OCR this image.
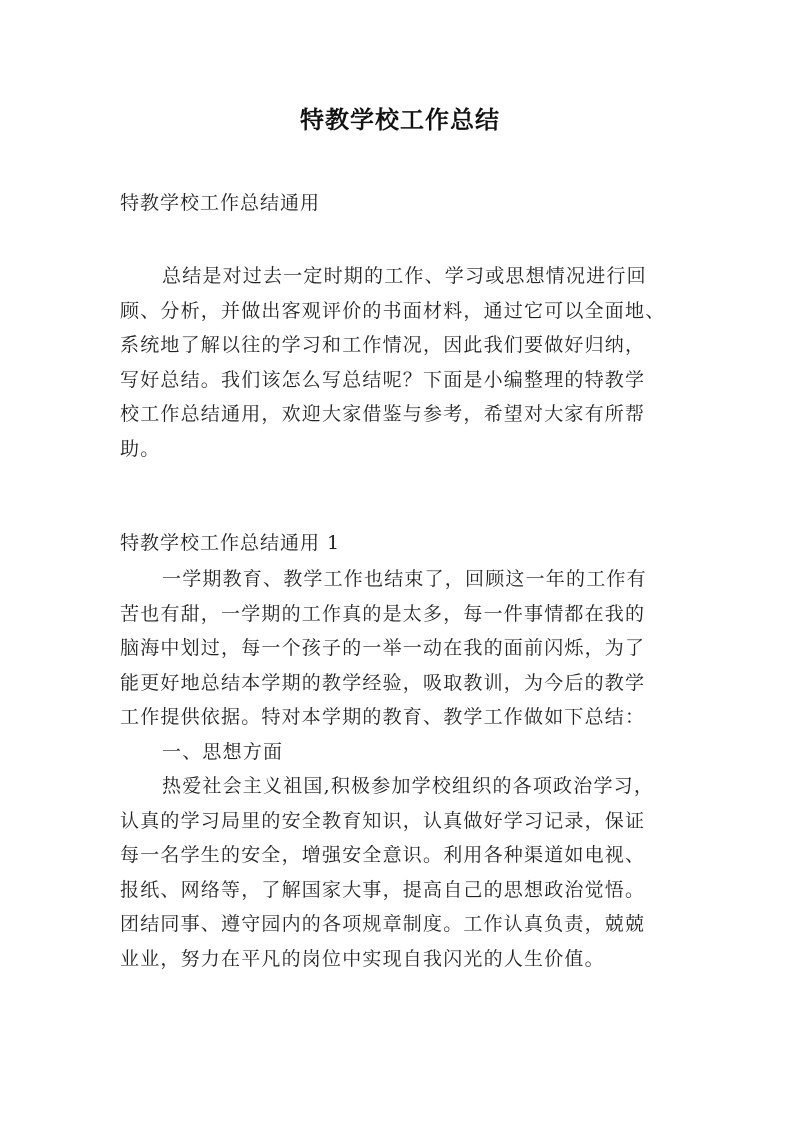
特教学校工作总结
特教学校工作总结通用
总结是对过去一定时期的工作、学习或思想情况进行回
顾、分析，并做出客观评价的书面材料，通过它可以全面地、
系统地了解以往的学习和工作情况，因此我们要做好归纳，
写好总结。我们该怎么写总结呢？下面是小编整理的特教学
校工作总结通用，欢迎大家借鉴与参考，希望对大家有所帮
助。
特教学校工作总结通用 1
一学期教育、教学工作也结束了，回顾这一年的工作有
苦也有甜，一学期的工作真的是太多，每一件事情都在我的
脑海中划过，每一个孩子的一举一动在我的面前闪烁，为了
能更好地总结本学期的教学经验，吸取教训，为今后的教学
工作提供依据。特对本学期的教育、教学工作做如下总结：
一、思想方面
热爱社会主义祖国,积极参加学校组织的各项政治学习，
认真的学习局里的安全教育知识，认真做好学习记录，保证
每一名学生的安全，增强安全意识。利用各种渠道如电视、
报纸、网络等，了解国家大事，提高自己的思想政治觉悟。
团结同事、遵守园内的各项规章制度。工作认真负责，兢兢
业业，努力在平凡的岗位中实现自我闪光的人生价值。
